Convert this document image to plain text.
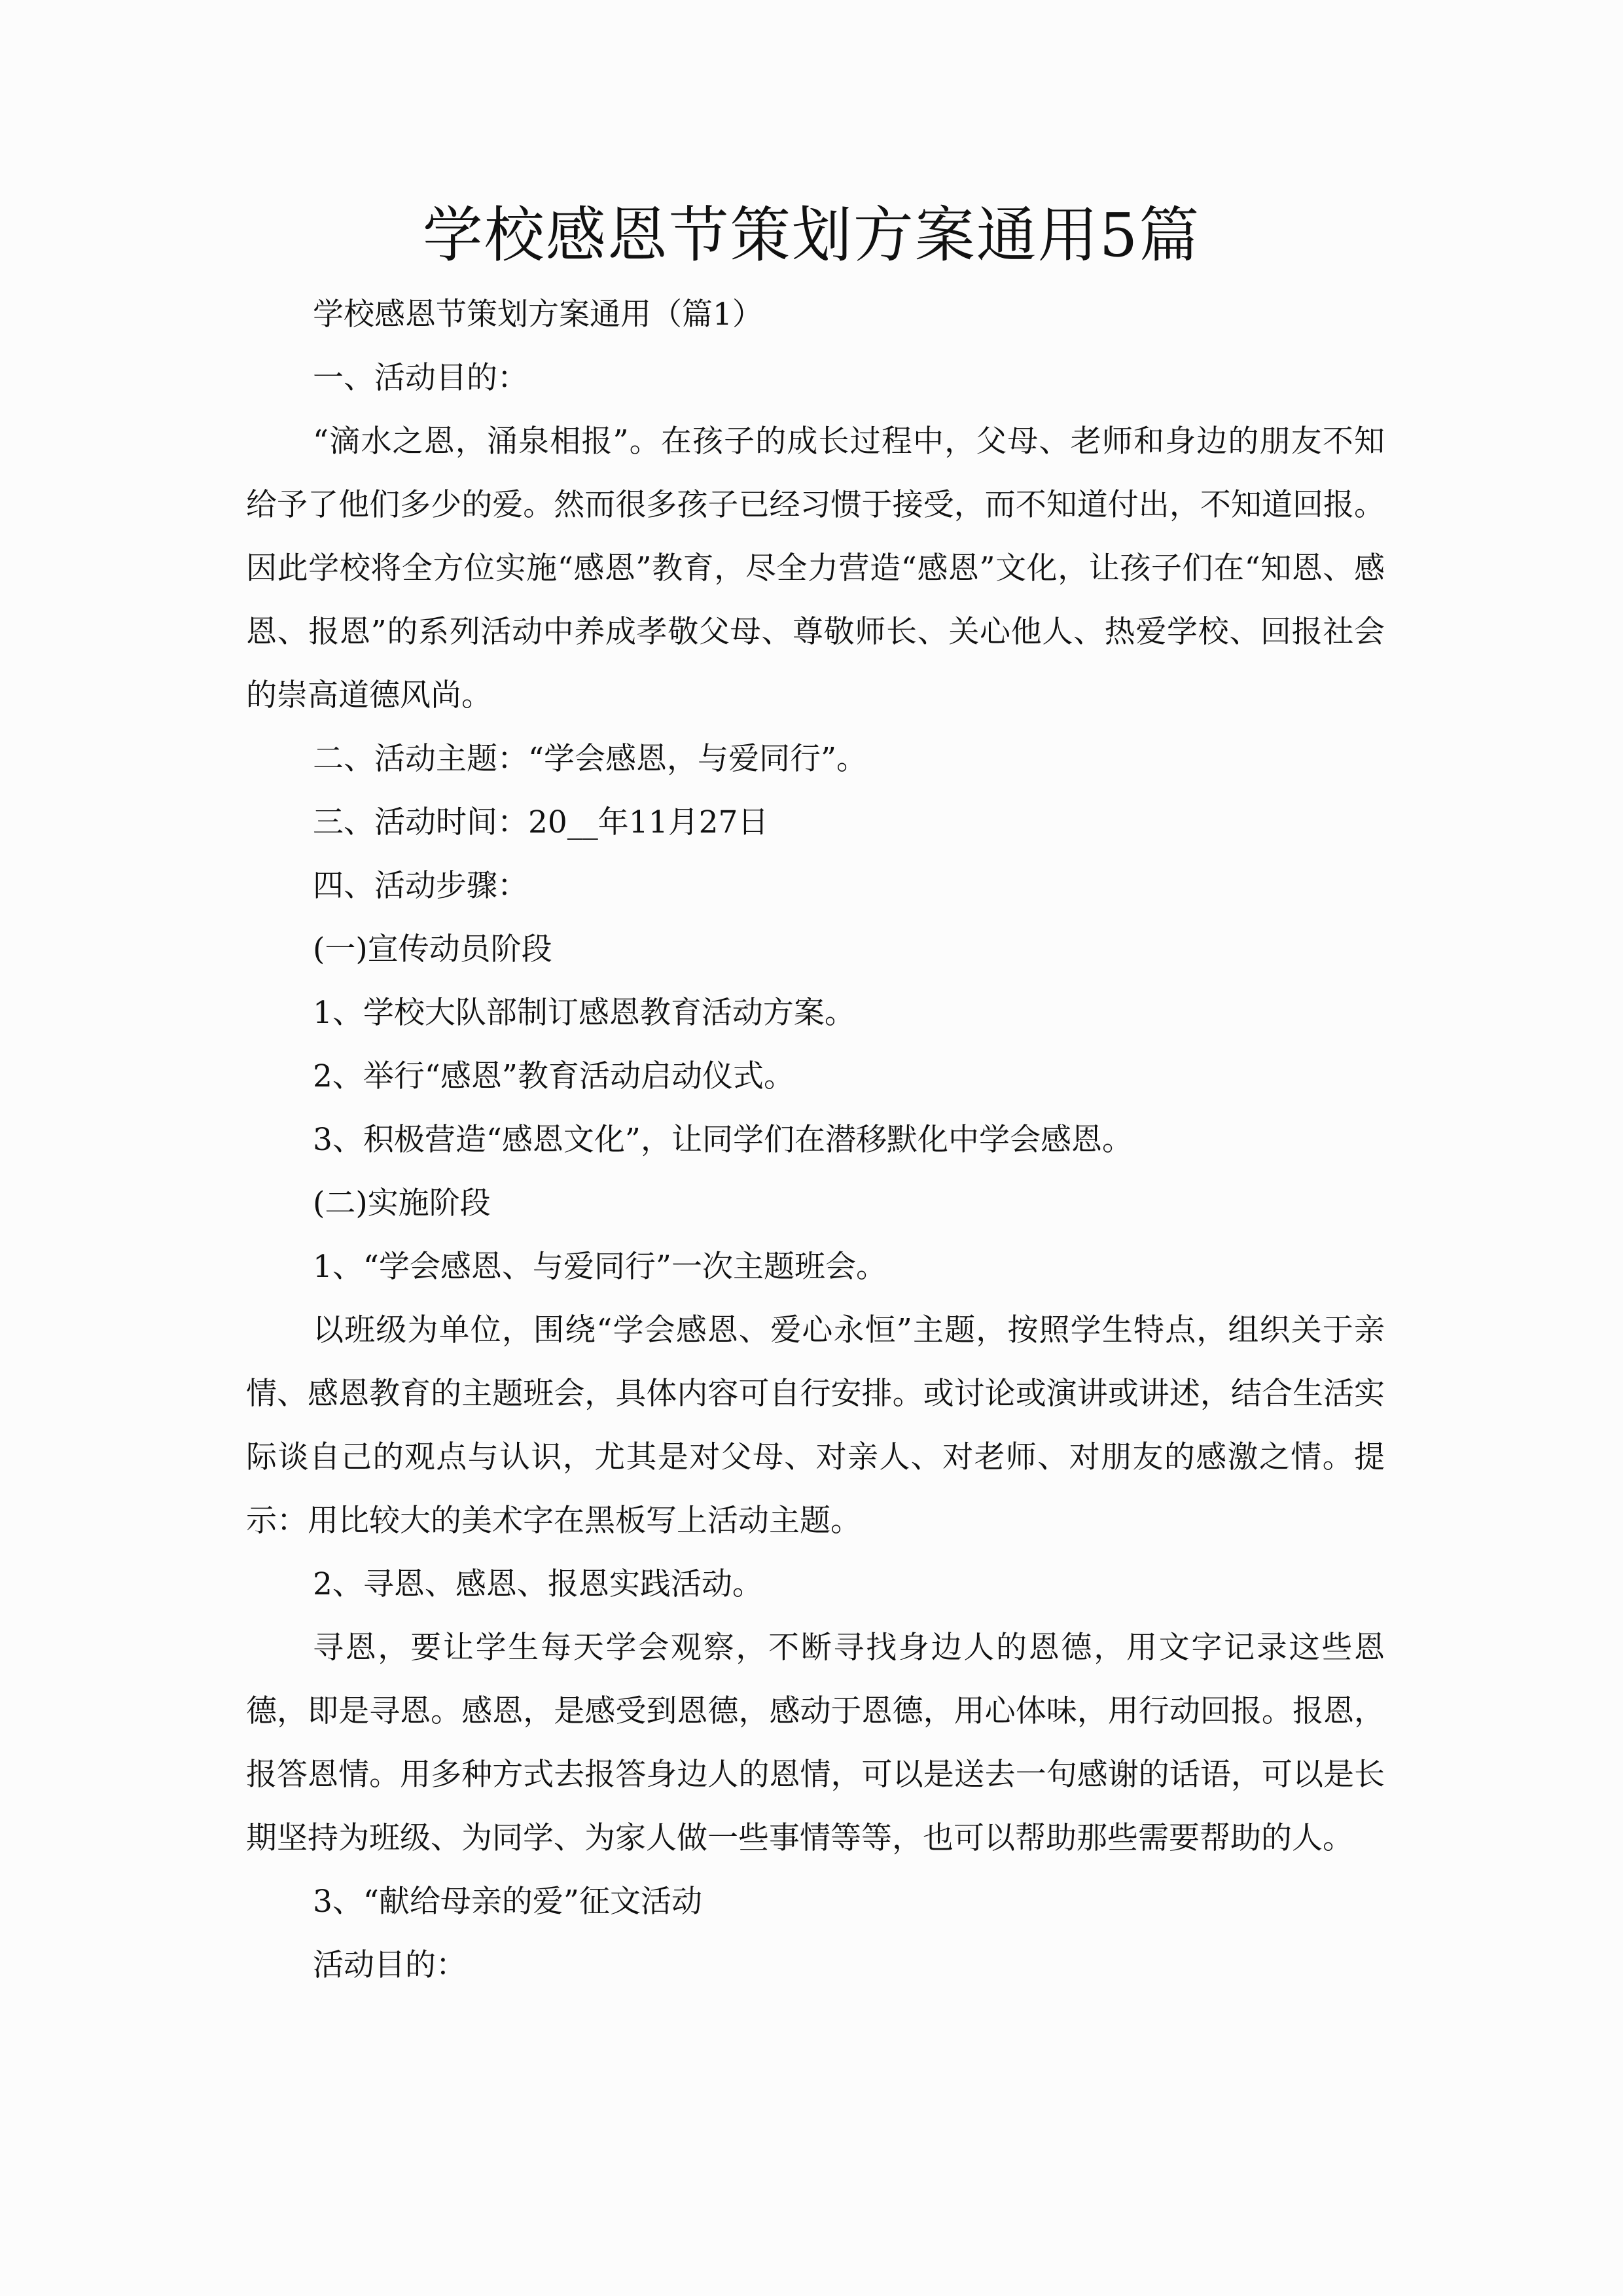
学校感恩节策划方案通用5篇

学校感恩节策划方案通用（篇1）

一、活动目的：

“滴水之恩，涌泉相报”。在孩子的成长过程中，父母、老师和身边的朋友不知给予了他们多少的爱。然而很多孩子已经习惯于接受，而不知道付出，不知道回报。因此学校将全方位实施“感恩”教育，尽全力营造“感恩”文化，让孩子们在“知恩、感恩、报恩”的系列活动中养成孝敬父母、尊敬师长、关心他人、热爱学校、回报社会的崇高道德风尚。

二、活动主题：“学会感恩，与爱同行”。

三、活动时间：20__年11月27日

四、活动步骤：

(一)宣传动员阶段

1、学校大队部制订感恩教育活动方案。

2、举行“感恩”教育活动启动仪式。

3、积极营造“感恩文化”，让同学们在潜移默化中学会感恩。

(二)实施阶段

1、“学会感恩、与爱同行”一次主题班会。

以班级为单位，围绕“学会感恩、爱心永恒”主题，按照学生特点，组织关于亲情、感恩教育的主题班会，具体内容可自行安排。或讨论或演讲或讲述，结合生活实际谈自己的观点与认识，尤其是对父母、对亲人、对老师、对朋友的感激之情。提示：用比较大的美术字在黑板写上活动主题。

2、寻恩、感恩、报恩实践活动。

寻恩，要让学生每天学会观察，不断寻找身边人的恩德，用文字记录这些恩德，即是寻恩。感恩，是感受到恩德，感动于恩德，用心体味，用行动回报。报恩，报答恩情。用多种方式去报答身边人的恩情，可以是送去一句感谢的话语，可以是长期坚持为班级、为同学、为家人做一些事情等等，也可以帮助那些需要帮助的人。

3、“献给母亲的爱”征文活动

活动目的：
